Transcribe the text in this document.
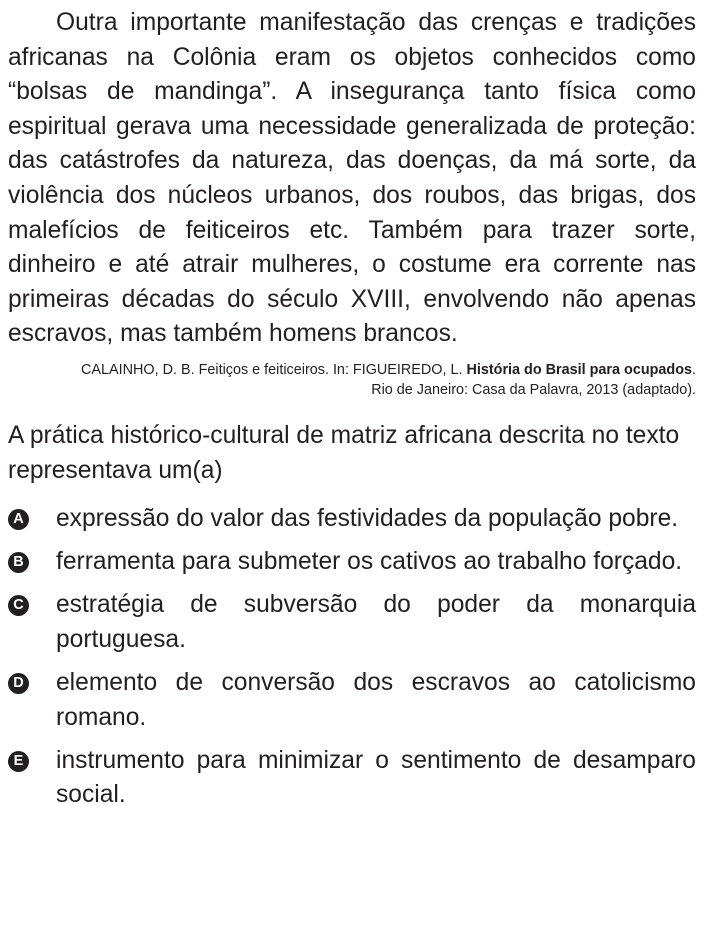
Outra importante manifestação das crenças e tradições africanas na Colônia eram os objetos conhecidos como “bolsas de mandinga”. A insegurança tanto física como espiritual gerava uma necessidade generalizada de proteção: das catástrofes da natureza, das doenças, da má sorte, da violência dos núcleos urbanos, dos roubos, das brigas, dos malefícios de feiticeiros etc. Também para trazer sorte, dinheiro e até atrair mulheres, o costume era corrente nas primeiras décadas do século XVIII, envolvendo não apenas escravos, mas também homens brancos.

CALAINHO, D. B. Feitiços e feiticeiros. In: FIGUEIREDO, L. História do Brasil para ocupados.
Rio de Janeiro: Casa da Palavra, 2013 (adaptado).

A prática histórico-cultural de matriz africana descrita no texto representava um(a)

A expressão do valor das festividades da população pobre.
B ferramenta para submeter os cativos ao trabalho forçado.
C estratégia de subversão do poder da monarquia portuguesa.
D elemento de conversão dos escravos ao catolicismo romano.
E instrumento para minimizar o sentimento de desamparo social.
